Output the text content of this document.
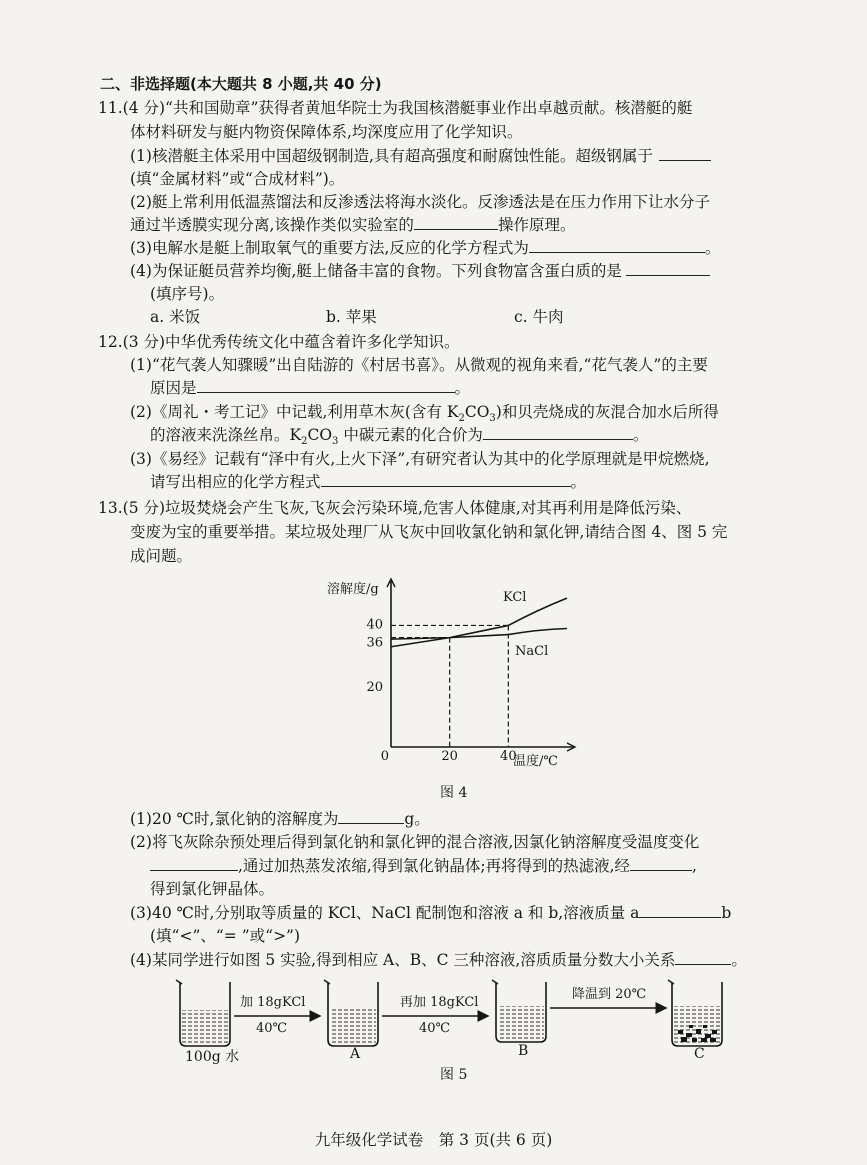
二、非选择题(本大题共 8 小题,共 40 分)
11.(4 分)“共和国勋章”获得者黄旭华院士为我国核潜艇事业作出卓越贡献。核潜艇的艇
体材料研发与艇内物资保障体系,均深度应用了化学知识。
(1)核潜艇主体采用中国超级钢制造,具有超高强度和耐腐蚀性能。超级钢属于
(填“金属材料”或“合成材料”)。
(2)艇上常利用低温蒸馏法和反渗透法将海水淡化。反渗透法是在压力作用下让水分子
通过半透膜实现分离,该操作类似实验室的	操作原理。
(3)电解水是艇上制取氧气的重要方法,反应的化学方程式为	。
(4)为保证艇员营养均衡,艇上储备丰富的食物。下列食物富含蛋白质的是
(填序号)。
a. 米饭	b. 苹果	c. 牛肉
12.(3 分)中华优秀传统文化中蕴含着许多化学知识。
(1)“花气袭人知骤暖”出自陆游的《村居书喜》。从微观的视角来看,“花气袭人”的主要
原因是	。
(2)《周礼・考工记》中记载,利用草木灰(含有 $K_2CO_3$)和贝壳烧成的灰混合加水后所得
的溶液来洗涤丝帛。$K_2CO_3$ 中碳元素的化合价为	。
(3)《易经》记载有“泽中有火,上火下泽”,有研究者认为其中的化学原理就是甲烷燃烧,
请写出相应的化学方程式	。
13.(5 分)垃圾焚烧会产生飞灰,飞灰会污染环境,危害人体健康,对其再利用是降低污染、
变废为宝的重要举措。某垃圾处理厂从飞灰中回收氯化钠和氯化钾,请结合图 4、图 5 完
成问题。
溶解度/g
温度/℃
KCl
NaCl
40
36
20
0	20	40
图 4
(1)20 ℃时,氯化钠的溶解度为	g。
(2)将飞灰除杂预处理后得到氯化钠和氯化钾的混合溶液,因氯化钠溶解度受温度变化
,通过加热蒸发浓缩,得到氯化钠晶体;再将得到的热滤液,经	,
得到氯化钾晶体。
(3)40 ℃时,分别取等质量的 KCl、NaCl 配制饱和溶液 a 和 b,溶液质量 a	b
(填“<”、“= ”或“>”)
(4)某同学进行如图 5 实验,得到相应 A、B、C 三种溶液,溶质质量分数大小关系	。
加 18gKCl
40℃
再加 18gKCl
40℃
降温到 20℃
100g 水	A	B	C
图 5
九年级化学试卷　第 3 页(共 6 页)
